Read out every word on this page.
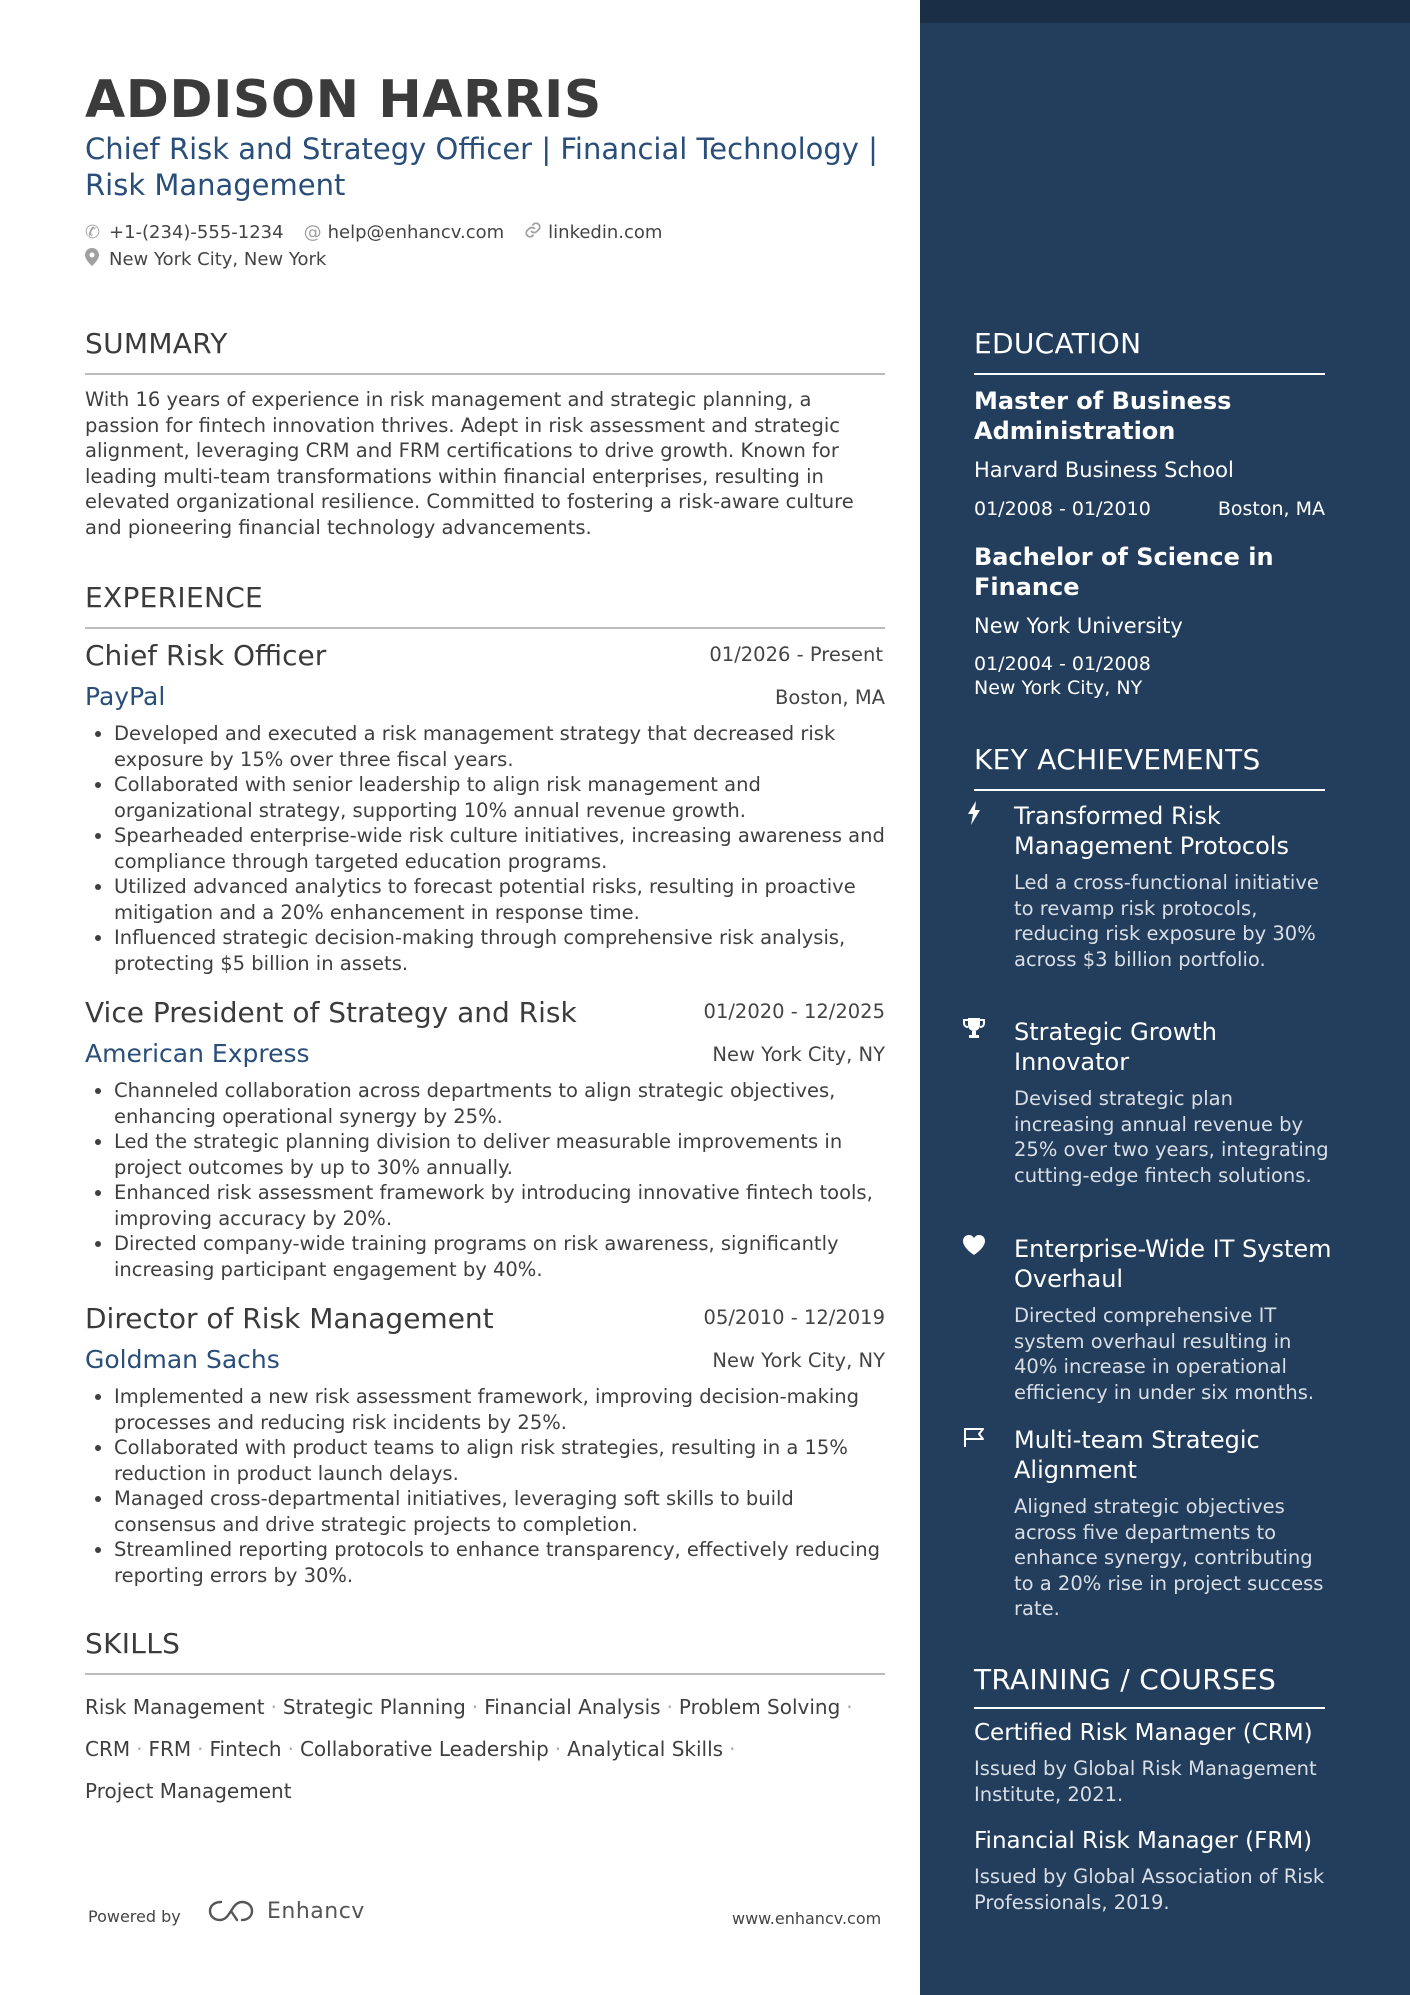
ADDISON HARRIS
Chief Risk and Strategy Officer | Financial Technology | Risk Management
✆ +1-(234)-555-1234 @ help@enhancv.com linkedin.com
New York City, New York
SUMMARY
With 16 years of experience in risk management and strategic planning, a passion for fintech innovation thrives. Adept in risk assessment and strategic alignment, leveraging CRM and FRM certifications to drive growth. Known for leading multi-team transformations within financial enterprises, resulting in elevated organizational resilience. Committed to fostering a risk-aware culture and pioneering financial technology advancements.
EXPERIENCE
Chief Risk Officer	01/2026 - Present
PayPal	Boston, MA
• Developed and executed a risk management strategy that decreased risk exposure by 15% over three fiscal years.
• Collaborated with senior leadership to align risk management and organizational strategy, supporting 10% annual revenue growth.
• Spearheaded enterprise-wide risk culture initiatives, increasing awareness and compliance through targeted education programs.
• Utilized advanced analytics to forecast potential risks, resulting in proactive mitigation and a 20% enhancement in response time.
• Influenced strategic decision-making through comprehensive risk analysis, protecting $5 billion in assets.
Vice President of Strategy and Risk	01/2020 - 12/2025
American Express	New York City, NY
• Channeled collaboration across departments to align strategic objectives, enhancing operational synergy by 25%.
• Led the strategic planning division to deliver measurable improvements in project outcomes by up to 30% annually.
• Enhanced risk assessment framework by introducing innovative fintech tools, improving accuracy by 20%.
• Directed company-wide training programs on risk awareness, significantly increasing participant engagement by 40%.
Director of Risk Management	05/2010 - 12/2019
Goldman Sachs	New York City, NY
• Implemented a new risk assessment framework, improving decision-making processes and reducing risk incidents by 25%.
• Collaborated with product teams to align risk strategies, resulting in a 15% reduction in product launch delays.
• Managed cross-departmental initiatives, leveraging soft skills to build consensus and drive strategic projects to completion.
• Streamlined reporting protocols to enhance transparency, effectively reducing reporting errors by 30%.
SKILLS
Risk Management · Strategic Planning · Financial Analysis · Problem Solving ·
CRM · FRM · Fintech · Collaborative Leadership · Analytical Skills ·
Project Management
Powered by	Enhancv	www.enhancv.com
EDUCATION
Master of Business Administration
Harvard Business School
01/2008 - 01/2010	Boston, MA
Bachelor of Science in Finance
New York University
01/2004 - 01/2008
New York City, NY
KEY ACHIEVEMENTS
Transformed Risk Management Protocols
Led a cross-functional initiative to revamp risk protocols, reducing risk exposure by 30% across $3 billion portfolio.
Strategic Growth Innovator
Devised strategic plan increasing annual revenue by 25% over two years, integrating cutting-edge fintech solutions.
Enterprise-Wide IT System Overhaul
Directed comprehensive IT system overhaul resulting in 40% increase in operational efficiency in under six months.
Multi-team Strategic Alignment
Aligned strategic objectives across five departments to enhance synergy, contributing to a 20% rise in project success rate.
TRAINING / COURSES
Certified Risk Manager (CRM)
Issued by Global Risk Management Institute, 2021.
Financial Risk Manager (FRM)
Issued by Global Association of Risk Professionals, 2019.
